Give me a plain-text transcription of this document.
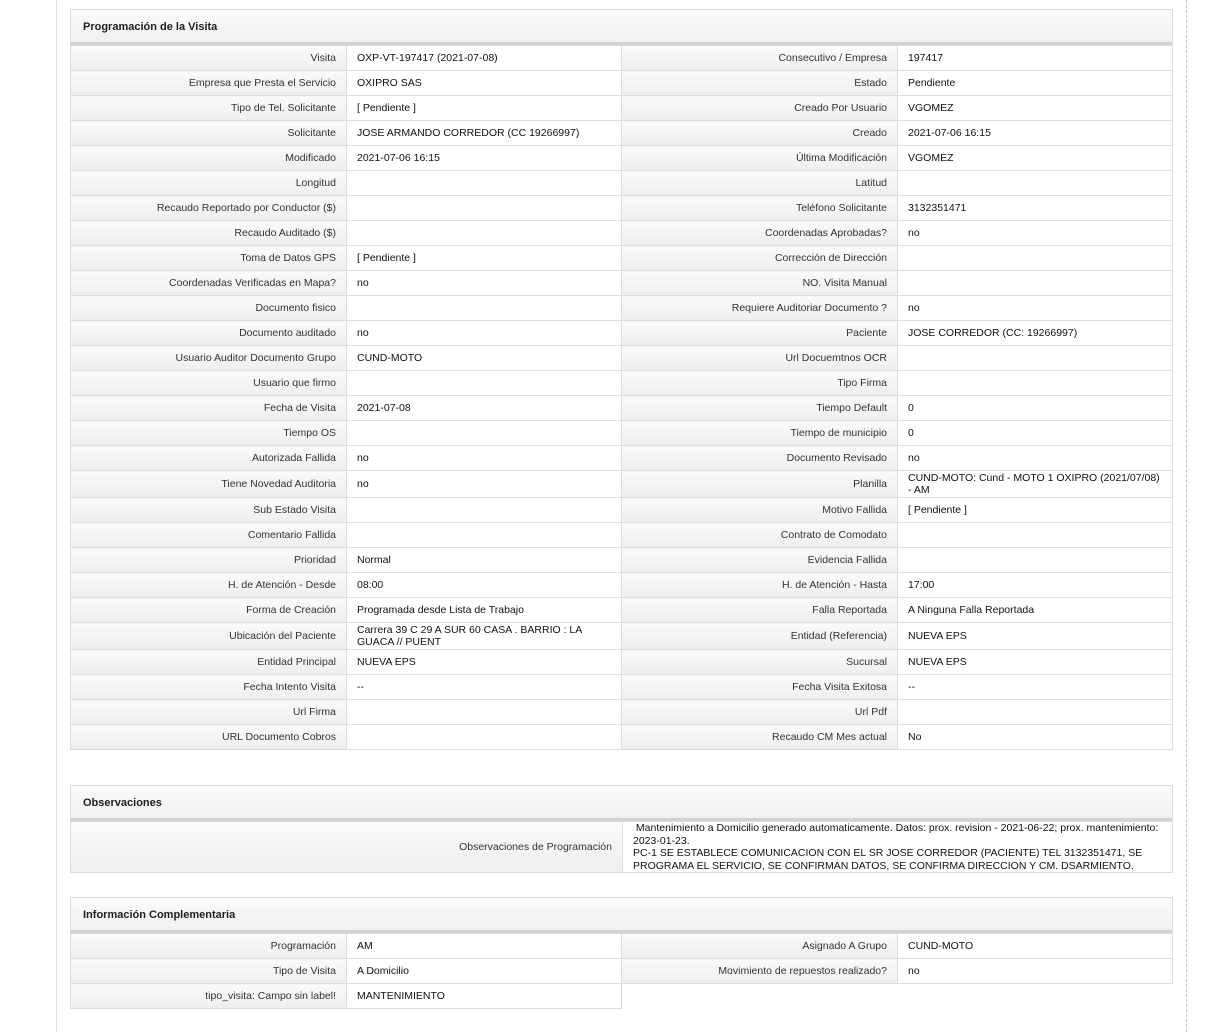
Programación de la Visita
Visita	OXP-VT-197417 (2021-07-08)	Consecutivo / Empresa	197417
Empresa que Presta el Servicio	OXIPRO SAS	Estado	Pendiente
Tipo de Tel. Solicitante	[ Pendiente ]	Creado Por Usuario	VGOMEZ
Solicitante	JOSE ARMANDO CORREDOR (CC 19266997)	Creado	2021-07-06 16:15
Modificado	2021-07-06 16:15	Última Modificación	VGOMEZ
Longitud		Latitud	
Recaudo Reportado por Conductor ($)		Teléfono Solicitante	3132351471
Recaudo Auditado ($)		Coordenadas Aprobadas?	no
Toma de Datos GPS	[ Pendiente ]	Corrección de Dirección	
Coordenadas Verificadas en Mapa?	no	NO. Visita Manual	
Documento fisico		Requiere Auditoriar Documento ?	no
Documento auditado	no	Paciente	JOSE CORREDOR (CC: 19266997)
Usuario Auditor Documento Grupo	CUND-MOTO	Url Docuemtnos OCR	
Usuario que firmo		Tipo Firma	
Fecha de Visita	2021-07-08	Tiempo Default	0
Tiempo OS		Tiempo de municipio	0
Autorizada Fallida	no	Documento Revisado	no
Tiene Novedad Auditoria	no	Planilla	CUND-MOTO: Cund - MOTO 1 OXIPRO (2021/07/08) - AM
Sub Estado Visita		Motivo Fallida	[ Pendiente ]
Comentario Fallida		Contrato de Comodato	
Prioridad	Normal	Evidencia Fallida	
H. de Atención - Desde	08:00	H. de Atención - Hasta	17:00
Forma de Creación	Programada desde Lista de Trabajo	Falla Reportada	A Ninguna Falla Reportada
Ubicación del Paciente	Carrera 39 C 29 A SUR 60 CASA . BARRIO : LA GUACA // PUENT	Entidad (Referencia)	NUEVA EPS
Entidad Principal	NUEVA EPS	Sucursal	NUEVA EPS
Fecha Intento Visita	--	Fecha Visita Exitosa	--
Url Firma		Url Pdf	
URL Documento Cobros		Recaudo CM Mes actual	No
Observaciones
Observaciones de Programación	Mantenimiento a Domicilio generado automaticamente. Datos: prox. revision - 2021-06-22; prox. mantenimiento: 2023-01-23.
PC-1 SE ESTABLECE COMUNICACION CON EL SR JOSE CORREDOR (PACIENTE) TEL 3132351471, SE PROGRAMA EL SERVICIO, SE CONFIRMAN DATOS, SE CONFIRMA DIRECCION Y CM. DSARMIENTO.
Información Complementaria
Programación	AM	Asignado A Grupo	CUND-MOTO
Tipo de Visita	A Domicilio	Movimiento de repuestos realizado?	no
tipo_visita: Campo sin label!	MANTENIMIENTO		
